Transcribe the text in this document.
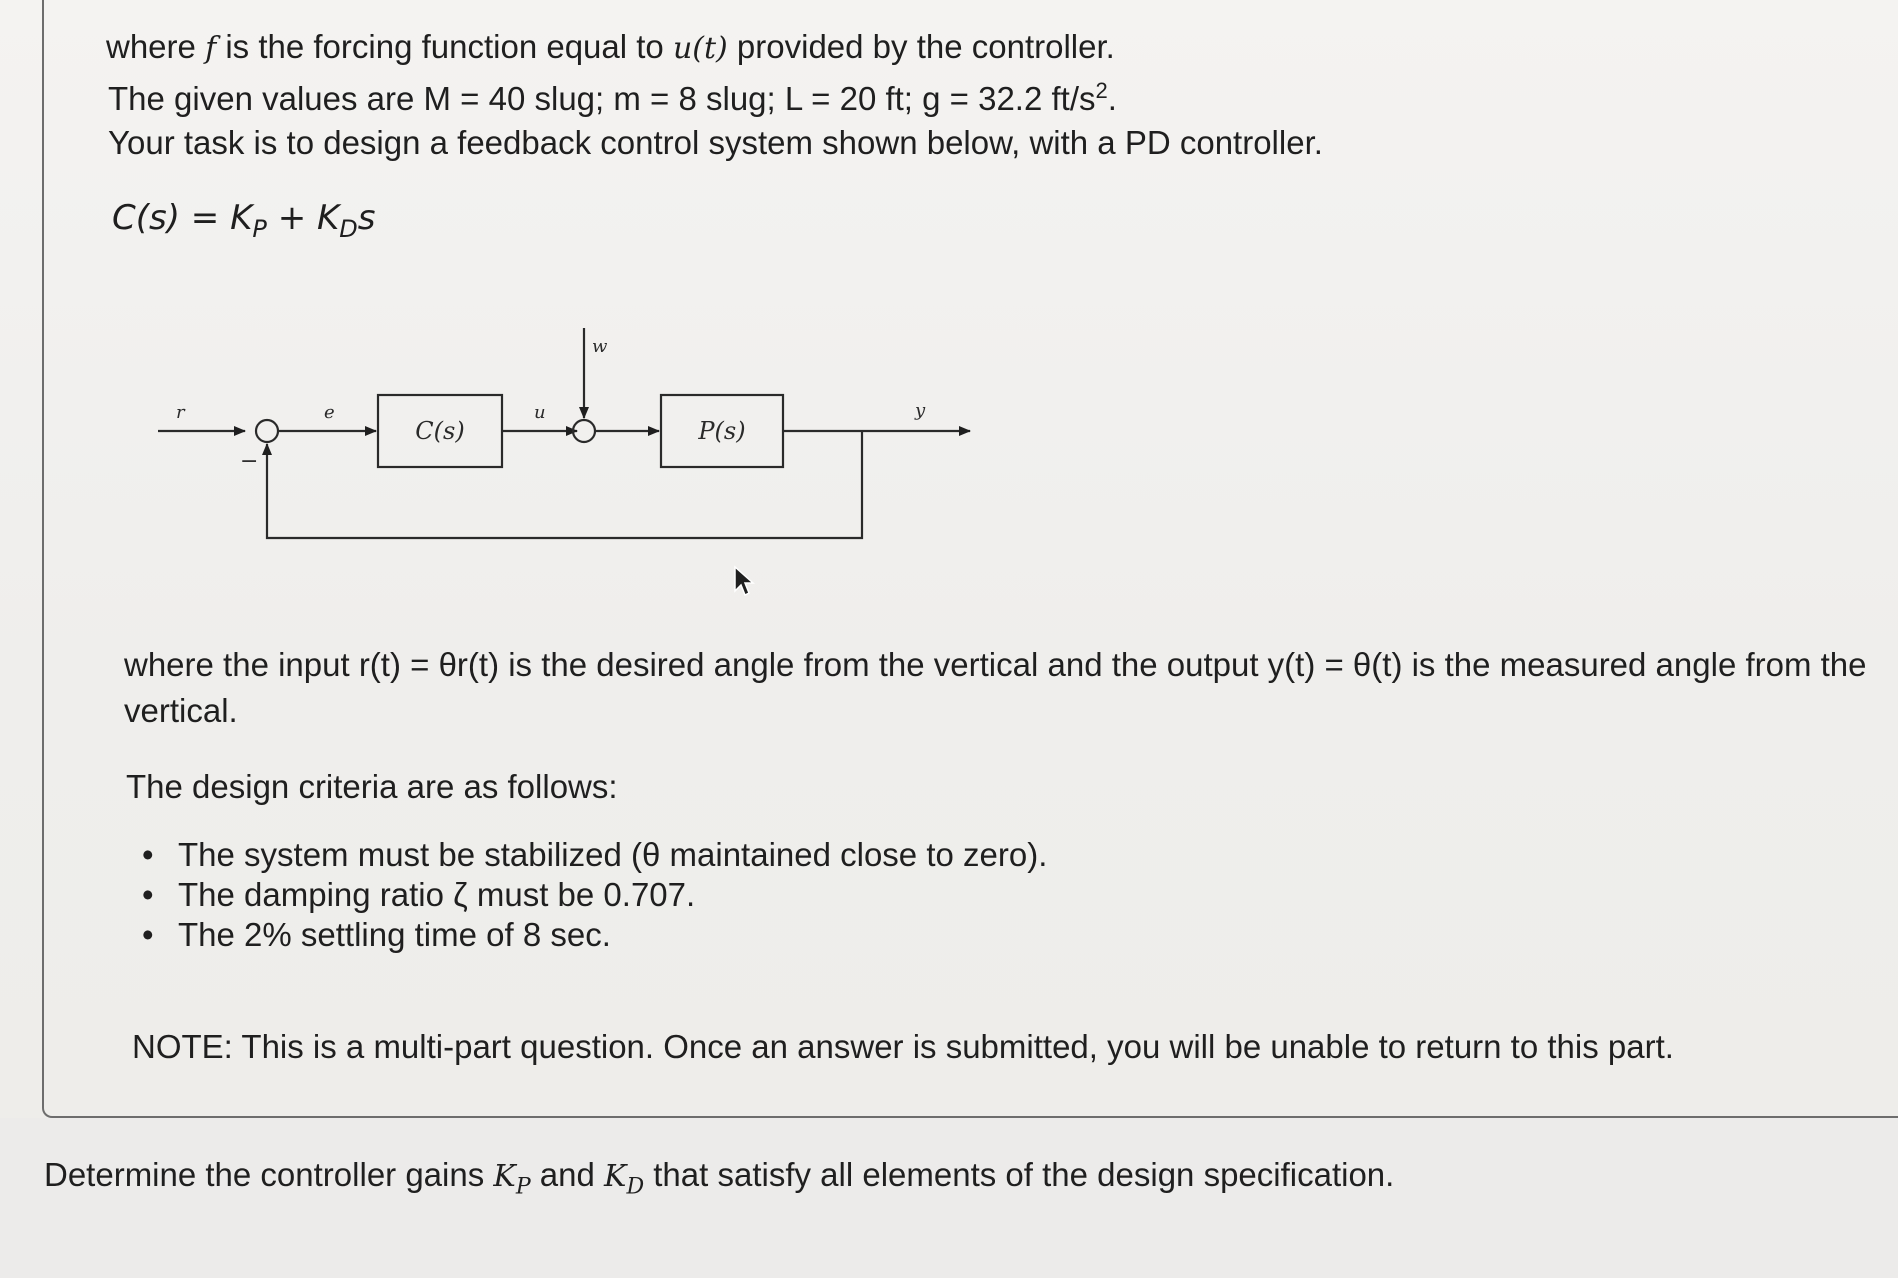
where f is the forcing function equal to u(t) provided by the controller.
The given values are M = 40 slug; m = 8 slug; L = 20 ft; g = 32.2 $ft/s^2$.
Your task is to design a feedback control system shown below, with a PD controller.
$C(s) = K_P + K_Ds$
r
−
e
C(s)
u
w
P(s)
y
where the input r(t) = θr(t) is the desired angle from the vertical and the output y(t) = θ(t) is the measured angle from the
vertical.
The design criteria are as follows:
• The system must be stabilized (θ maintained close to zero).
• The damping ratio ζ must be 0.707.
• The 2% settling time of 8 sec.
NOTE: This is a multi-part question. Once an answer is submitted, you will be unable to return to this part.
Determine the controller gains $K_P$ and $K_D$ that satisfy all elements of the design specification.
